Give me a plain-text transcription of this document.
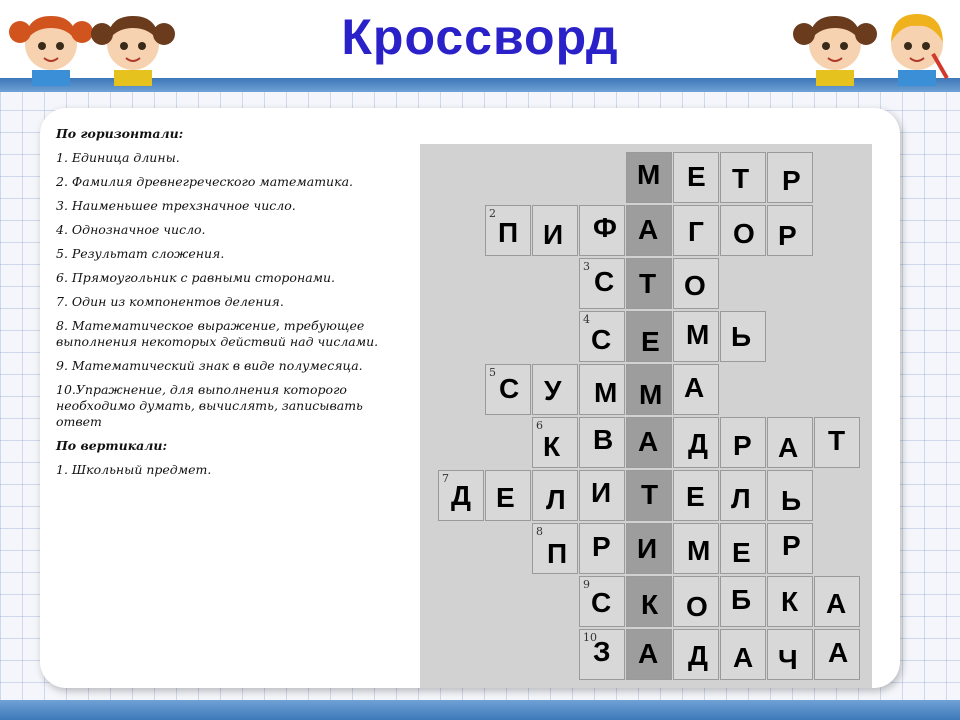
Кроссворд

По горизонтали:

1. Единица длины.

2. Фамилия древнегреческого математика.

3. Наименьшее трехзначное число.

4. Однозначное число.

5. Результат сложения.

6. Прямоугольник с равными сторонами.

7. Один из компонентов деления.

8. Математическое выражение, требующее выполнения некоторых действий над числами.

9. Математический знак в виде полумесяца.

10.Упражнение, для выполнения которого необходимо думать, вычислять, записывать ответ

По вертикали:

1. Школьный предмет.

М Е Т Р
2
П И Ф А Г О Р
3 С Т О
4
С Е М Ь
5
С У М М А
6
К В А Д Р А Т
7
Д Е Л И Т Е Л Ь
8
П Р И М Е Р
9
С К О Б К А
10
З А Д А Ч А
